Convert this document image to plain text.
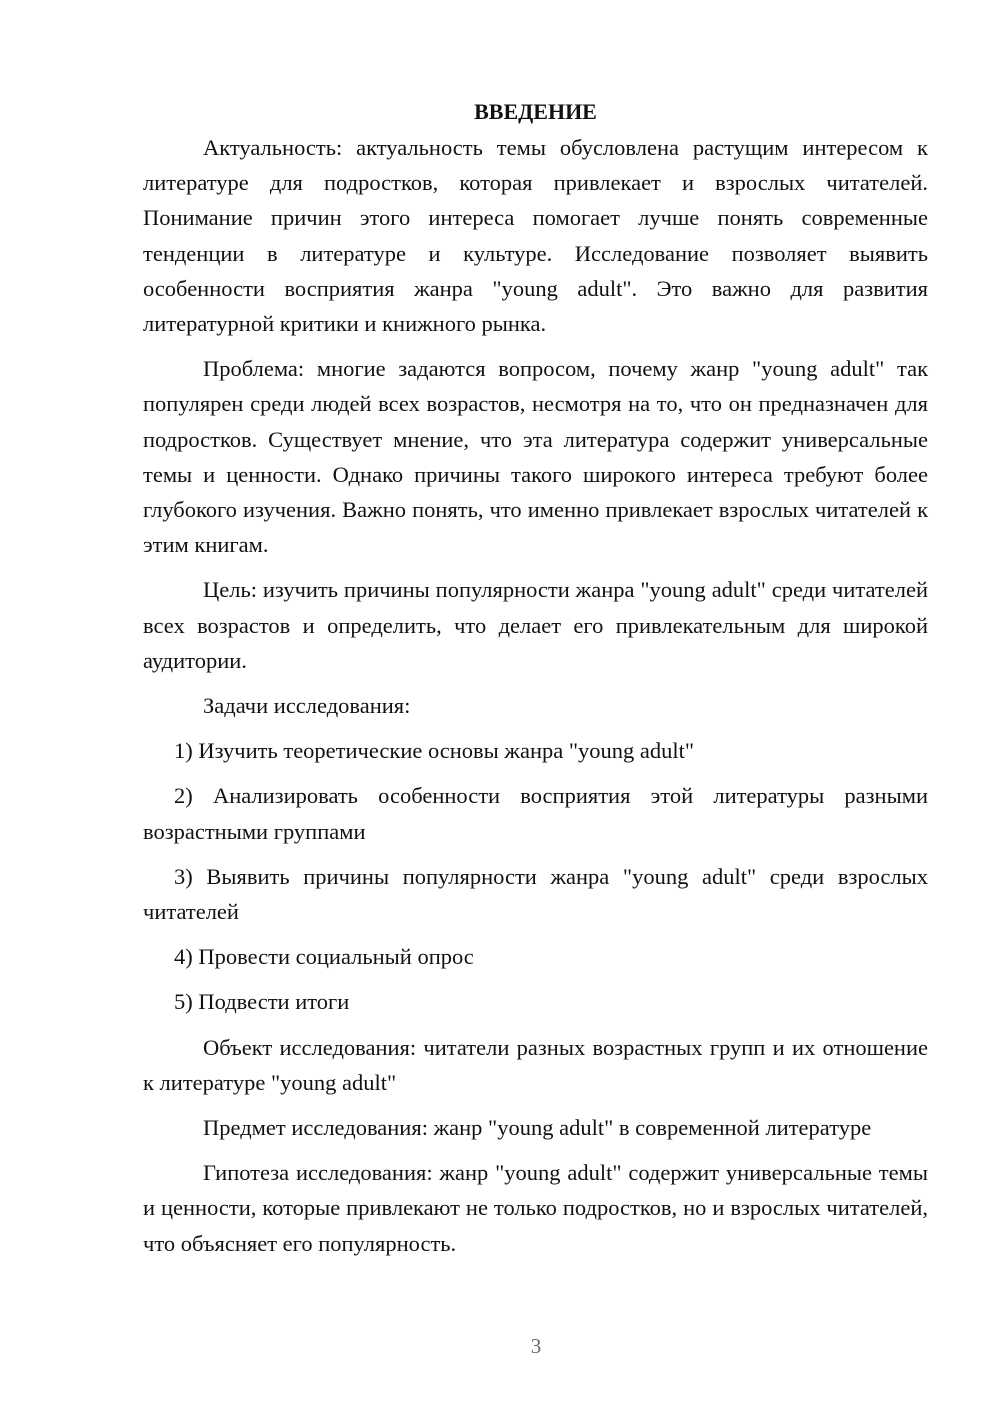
ВВЕДЕНИЕ

Актуальность: актуальность темы обусловлена растущим интересом к литературе для подростков, которая привлекает и взрослых читателей. Понимание причин этого интереса помогает лучше понять современные тенденции в литературе и культуре. Исследование позволяет выявить особенности восприятия жанра "young adult". Это важно для развития литературной критики и книжного рынка.

Проблема: многие задаются вопросом, почему жанр "young adult" так популярен среди людей всех возрастов, несмотря на то, что он предназначен для подростков. Существует мнение, что эта литература содержит универсальные темы и ценности. Однако причины такого широкого интереса требуют более глубокого изучения. Важно понять, что именно привлекает взрослых читателей к этим книгам.

Цель: изучить причины популярности жанра "young adult" среди читателей всех возрастов и определить, что делает его привлекательным для широкой аудитории.

Задачи исследования:

1) Изучить теоретические основы жанра "young adult"

2) Анализировать особенности восприятия этой литературы разными возрастными группами

3) Выявить причины популярности жанра "young adult" среди взрослых читателей

4) Провести социальный опрос

5) Подвести итоги

Объект исследования: читатели разных возрастных групп и их отношение к литературе "young adult"

Предмет исследования: жанр "young adult" в современной литературе

Гипотеза исследования: жанр "young adult" содержит универсальные темы и ценности, которые привлекают не только подростков, но и взрослых читателей, что объясняет его популярность.

3
